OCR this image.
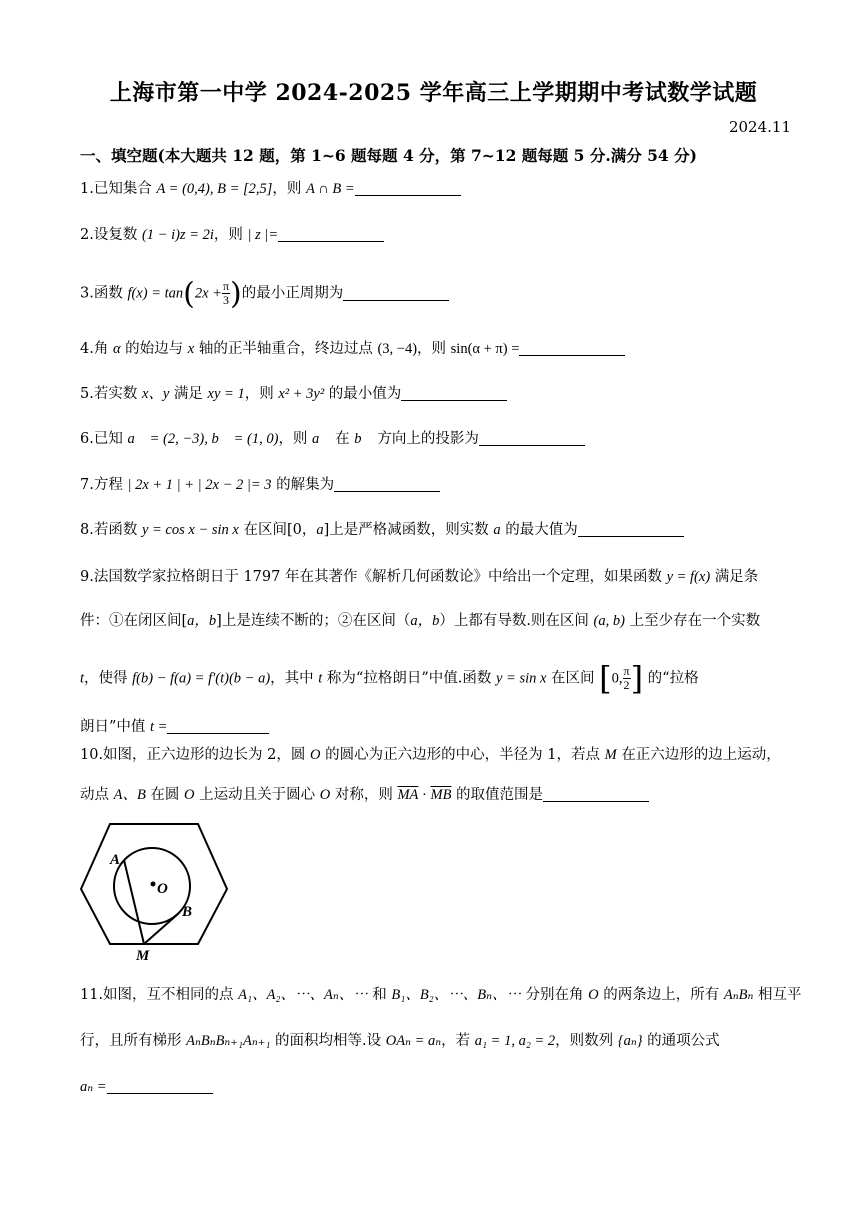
上海市第一中学 2024-2025 学年高三上学期期中考试数学试题
2024.11
一、填空题(本大题共 12 题，第 1~6 题每题 4 分，第 7~12 题每题 5 分.满分 54 分)
1.已知集合 A = (0,4), B = [2,5]，则 A ∩ B =
2.设复数 (1 − i)z = 2i，则 | z |=
3.函数 $f(x) = \tan(2x + \frac{\pi}{3}$ )的最小正周期为
4.角 α 的始边与 x 轴的正半轴重合，终边过点 (3, −4)，则 sin(α + π) =
5.若实数 x、y 满足 xy = 1，则 x² + 3y² 的最小值为
6.已知 a⃗ = (2, −3), b⃗ = (1, 0)，则 a⃗ 在 b⃗ 方向上的投影为
7.方程 | 2x + 1 | + | 2x − 2 |= 3 的解集为
8.若函数 y = cos x − sin x 在区间[0，a]上是严格减函数，则实数 a 的最大值为
9.法国数学家拉格朗日于 1797 年在其著作《解析几何函数论》中给出一个定理，如果函数 y = f(x) 满足条
件：①在闭区间[a，b]上是连续不断的；②在区间（a，b）上都有导数.则在区间 (a, b) 上至少存在一个实数
t，使得 f(b) − f(a) = f′(t)(b − a)，其中 t 称为“拉格朗日”中值.函数 y = sin x 在区间 [0, $\frac{\pi}{2}$ ] 的“拉格
朗日”中值 t =
10.如图，正六边形的边长为 2，圆 O 的圆心为正六边形的中心，半径为 1，若点 M 在正六边形的边上运动，
动点 A、B 在圆 O 上运动且关于圆心 O 对称，则 $\overline{MA} \cdot \overline{MB}$ 的取值范围是
A
O
B
M
11.如图，互不相同的点 A₁、A₂、⋯、Aₙ、⋯ 和 B₁、B₂、⋯、Bₙ、⋯ 分别在角 O 的两条边上，所有 AₙBₙ 相互平
行，且所有梯形 AₙBₙBₙ₊₁Aₙ₊₁ 的面积均相等.设 OAₙ = aₙ，若 a₁ = 1, a₂ = 2，则数列 {aₙ} 的通项公式
aₙ =
